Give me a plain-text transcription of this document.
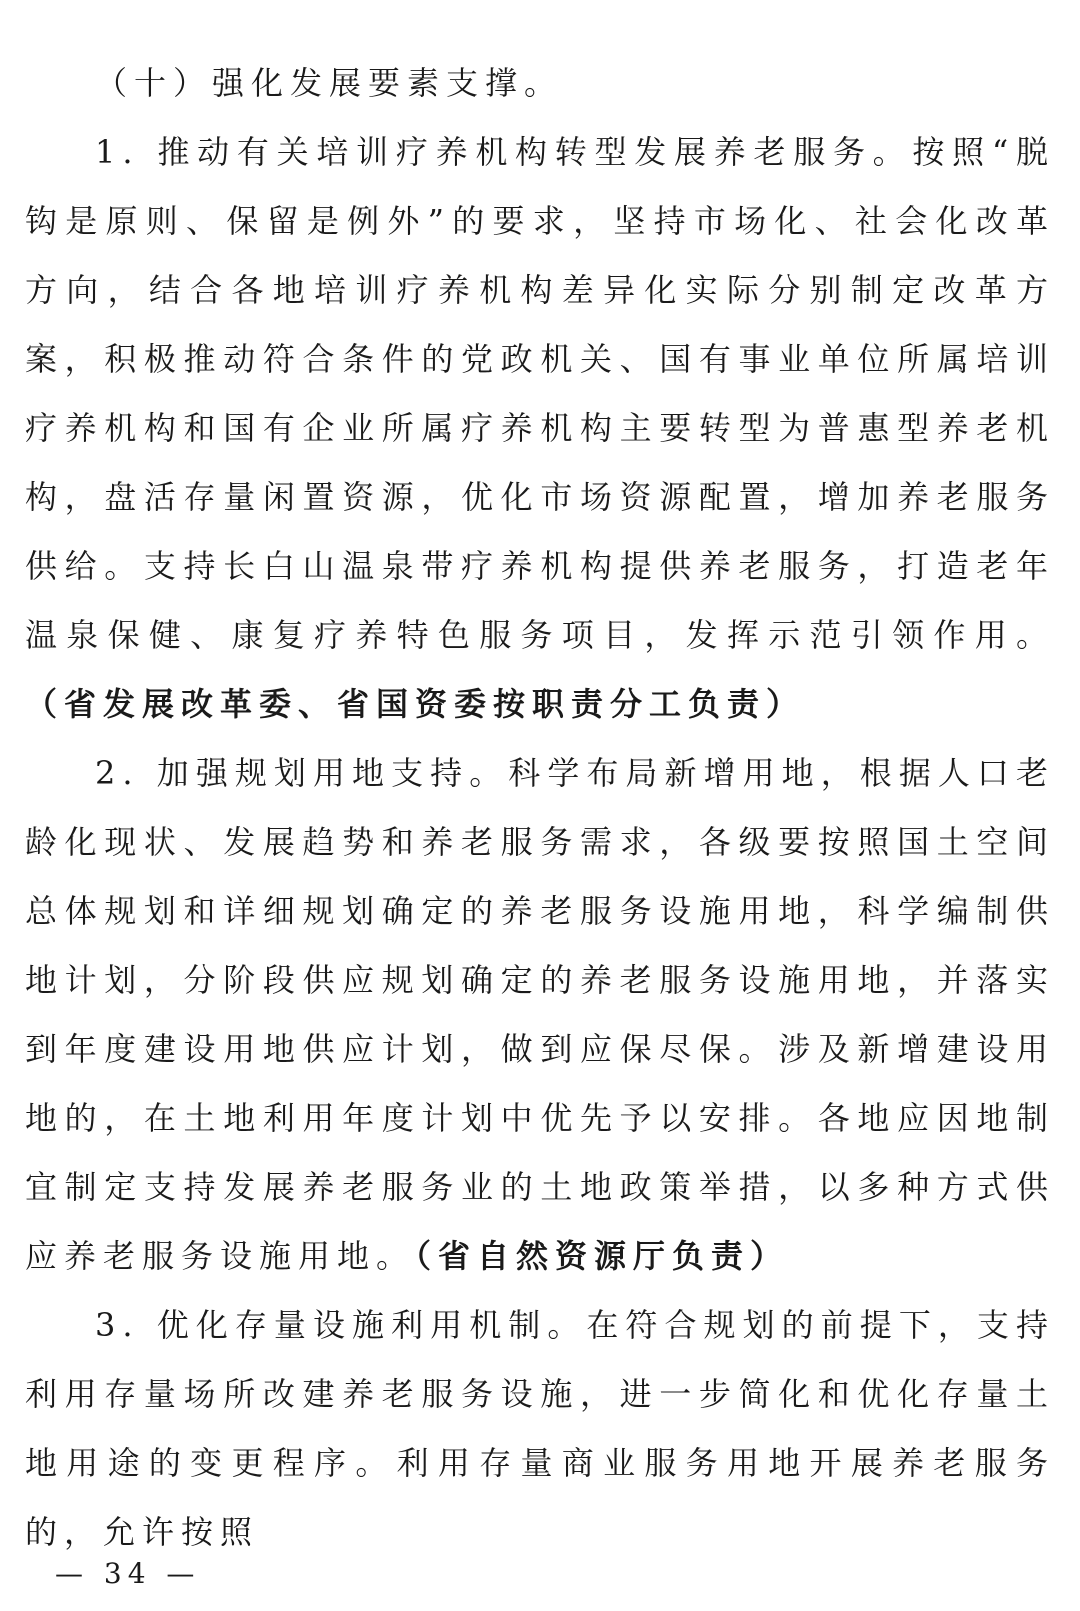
（十）强化发展要素支撑。

1. 推动有关培训疗养机构转型发展养老服务。按照“脱钩是原则、保留是例外”的要求，坚持市场化、社会化改革方向，结合各地培训疗养机构差异化实际分别制定改革方案，积极推动符合条件的党政机关、国有事业单位所属培训疗养机构和国有企业所属疗养机构主要转型为普惠型养老机构，盘活存量闲置资源，优化市场资源配置，增加养老服务供给。支持长白山温泉带疗养机构提供养老服务，打造老年温泉保健、康复疗养特色服务项目，发挥示范引领作用。（省发展改革委、省国资委按职责分工负责）

2. 加强规划用地支持。科学布局新增用地，根据人口老龄化现状、发展趋势和养老服务需求，各级要按照国土空间总体规划和详细规划确定的养老服务设施用地，科学编制供地计划，分阶段供应规划确定的养老服务设施用地，并落实到年度建设用地供应计划，做到应保尽保。涉及新增建设用地的，在土地利用年度计划中优先予以安排。各地应因地制宜制定支持发展养老服务业的土地政策举措，以多种方式供应养老服务设施用地。（省自然资源厅负责）

3. 优化存量设施利用机制。在符合规划的前提下，支持利用存量场所改建养老服务设施，进一步简化和优化存量土地用途的变更程序。利用存量商业服务用地开展养老服务的，允许按照

— 34 —
